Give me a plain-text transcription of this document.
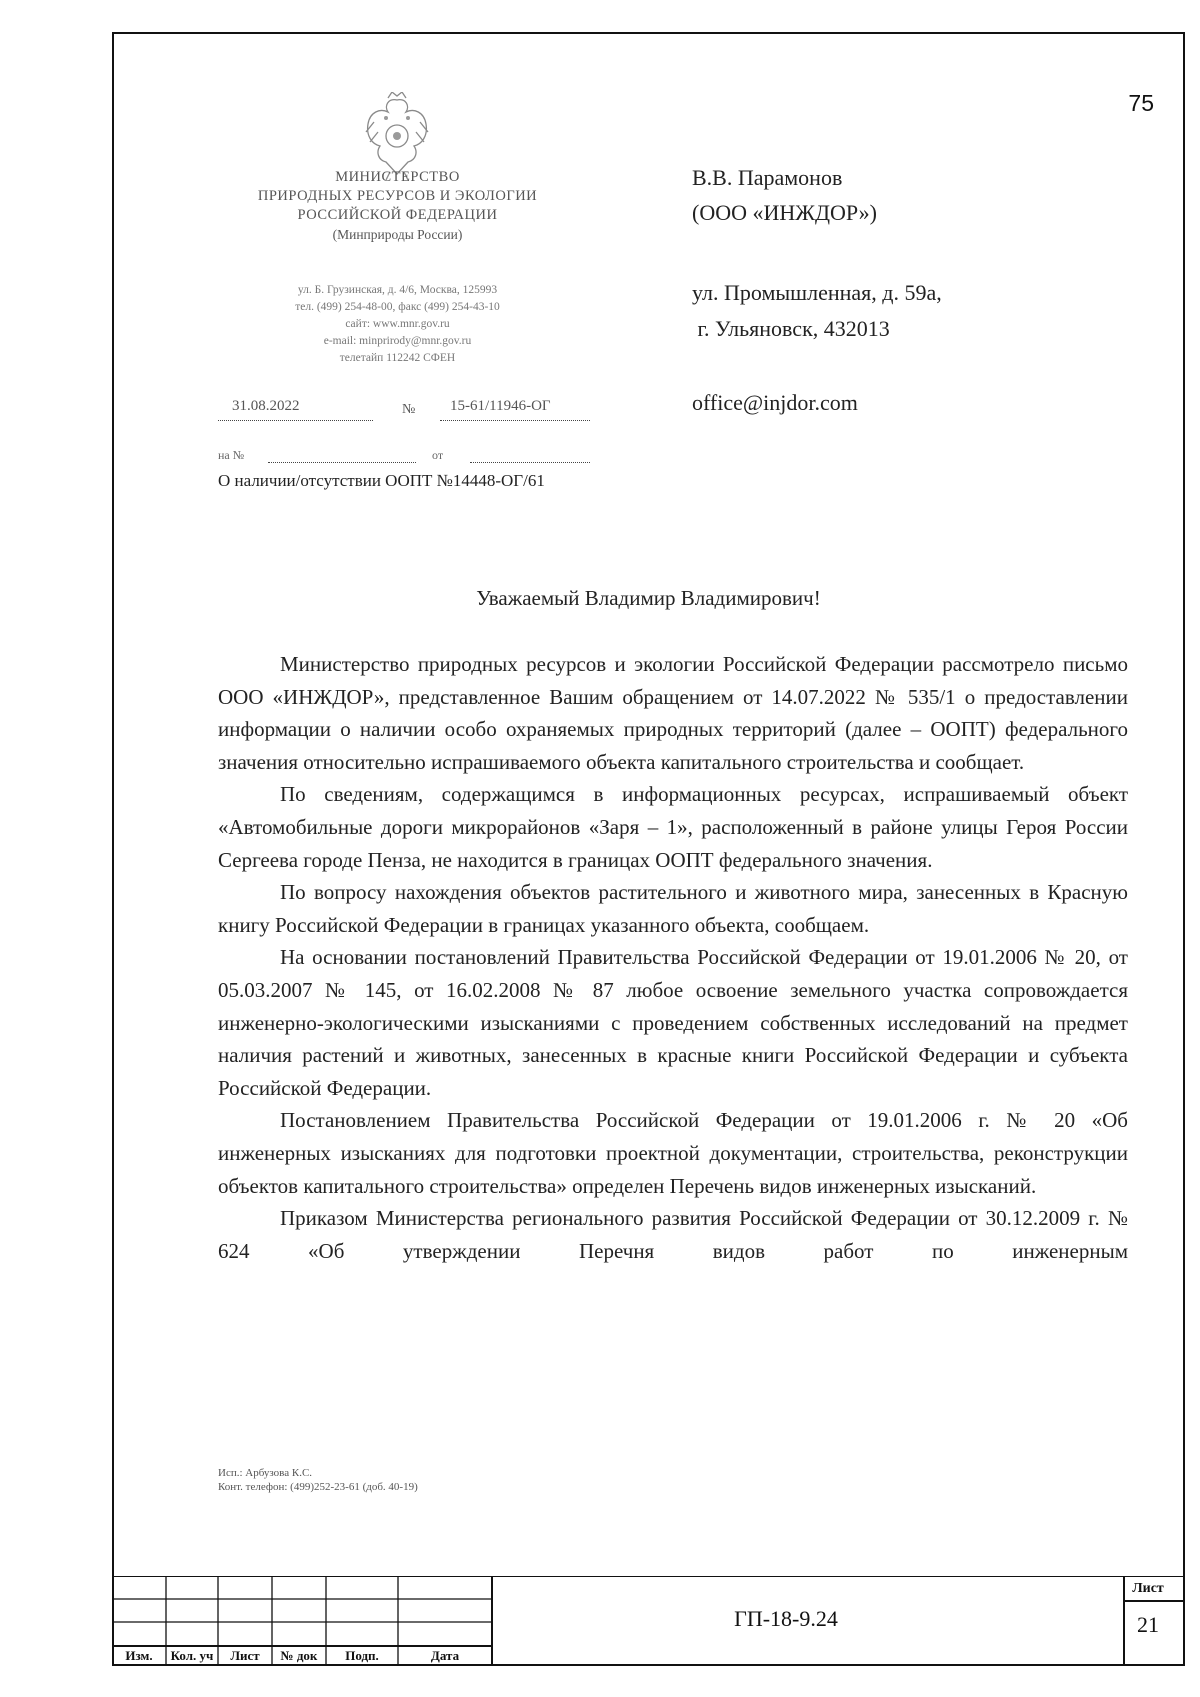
75
МИНИСТЕРСТВО
ПРИРОДНЫХ РЕСУРСОВ И ЭКОЛОГИИ
РОССИЙСКОЙ ФЕДЕРАЦИИ
(Минприроды России)
ул. Б. Грузинская, д. 4/6, Москва, 125993
тел. (499) 254-48-00, факс (499) 254-43-10
сайт: www.mnr.gov.ru
e-mail: minprirody@mnr.gov.ru
телетайп 112242 СФЕН
31.08.2022	№ 15-61/11946-ОГ
на №	от
О наличии/отсутствии ООПТ №14448-ОГ/61
В.В. Парамонов
(ООО «ИНЖДОР»)
ул. Промышленная, д. 59а,
г. Ульяновск, 432013
office@injdor.com
Уважаемый Владимир Владимирович!

Министерство природных ресурсов и экологии Российской Федерации рассмотрело письмо ООО «ИНЖДОР», представленное Вашим обращением от 14.07.2022 № 535/1 о предоставлении информации о наличии особо охраняемых природных территорий (далее – ООПТ) федерального значения относительно испрашиваемого объекта капитального строительства и сообщает.

По сведениям, содержащимся в информационных ресурсах, испрашиваемый объект «Автомобильные дороги микрорайонов «Заря – 1», расположенный в районе улицы Героя России Сергеева городе Пенза, не находится в границах ООПТ федерального значения.

По вопросу нахождения объектов растительного и животного мира, занесенных в Красную книгу Российской Федерации в границах указанного объекта, сообщаем.

На основании постановлений Правительства Российской Федерации от 19.01.2006 № 20, от 05.03.2007 № 145, от 16.02.2008 № 87 любое освоение земельного участка сопровождается инженерно-экологическими изысканиями с проведением собственных исследований на предмет наличия растений и животных, занесенных в красные книги Российской Федерации и субъекта Российской Федерации.

Постановлением Правительства Российской Федерации от 19.01.2006 г. № 20 «Об инженерных изысканиях для подготовки проектной документации, строительства, реконструкции объектов капитального строительства» определен Перечень видов инженерных изысканий.

Приказом Министерства регионального развития Российской Федерации от 30.12.2009 г. № 624 «Об утверждении Перечня видов работ по инженерным

Исп.: Арбузова К.С.
Конт. телефон: (499)252-23-61 (доб. 40-19)
Изм.	Кол. уч	Лист	№ док	Подп.	Дата
ГП-18-9.24
Лист
21
